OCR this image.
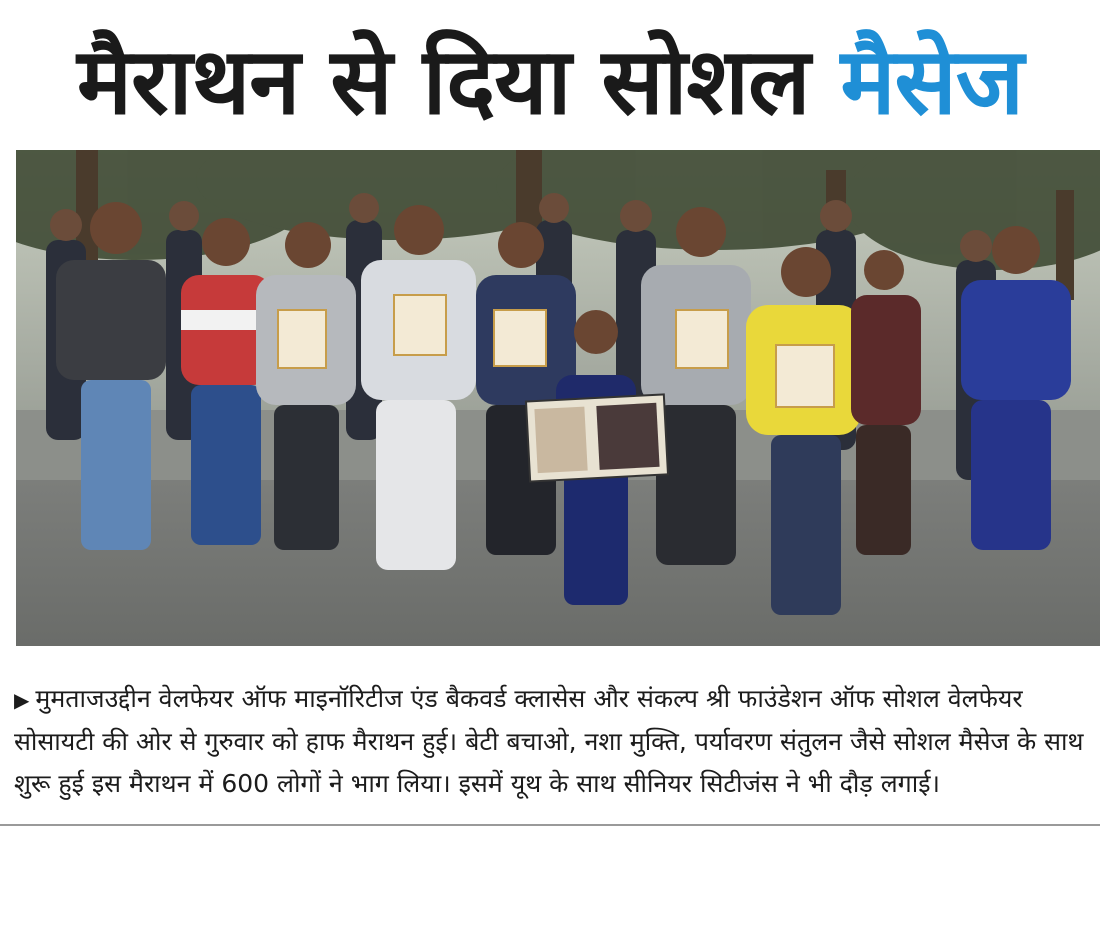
मैराथन से दिया सोशल मैसेज
▶ मुमताजउद्दीन वेलफेयर ऑफ माइनॉरिटीज एंड बैकवर्ड क्लासेस और संकल्प श्री फाउंडेशन ऑफ सोशल वेलफेयर सोसायटी की ओर से गुरुवार को हाफ मैराथन हुई। बेटी बचाओ, नशा मुक्ति, पर्यावरण संतुलन जैसे सोशल मैसेज के साथ शुरू हुई इस मैराथन में 600 लोगों ने भाग लिया। इसमें यूथ के साथ सीनियर सिटीजंस ने भी दौड़ लगाई।
